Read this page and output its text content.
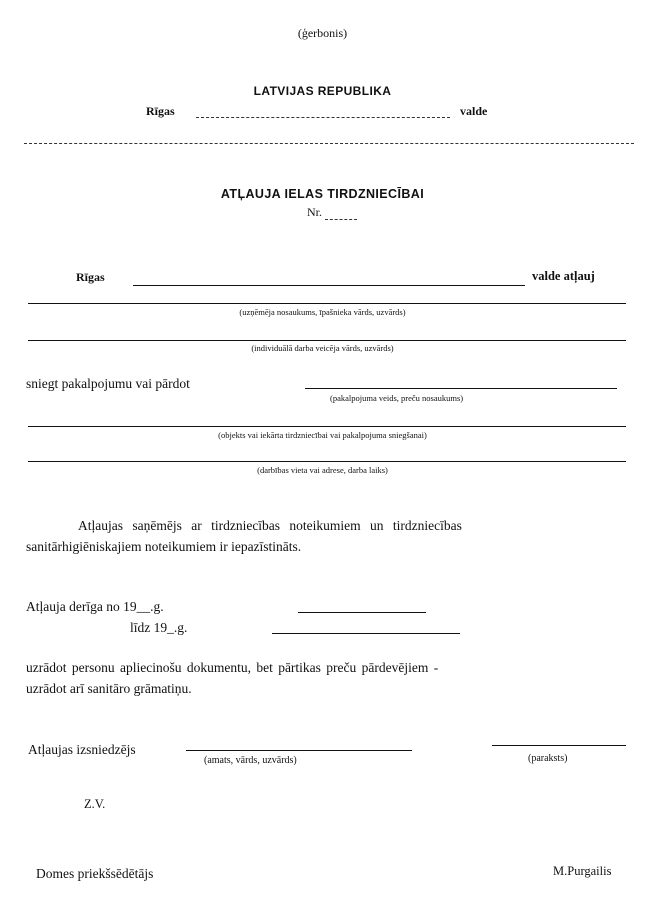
(ģerbonis)
LATVIJAS REPUBLIKA
Rīgas	valde
ATĻAUJA IELAS TIRDZNIECĪBAI
Nr.
Rīgas	valde atļauj
(uzņēmēja nosaukums, īpašnieka vārds, uzvārds)
(individuālā darba veicēja vārds, uzvārds)
sniegt pakalpojumu vai pārdot
(pakalpojuma veids, preču nosaukums)
(objekts vai iekārta tirdzniecībai vai pakalpojuma sniegšanai)
(darbības vieta vai adrese, darba laiks)
Atļaujas saņēmējs ar tirdzniecības noteikumiem un tirdzniecības
sanitārhigiēniskajiem noteikumiem ir iepazīstināts.
Atļauja derīga no 19__.g.
līdz 19_.g.
uzrādot personu apliecinošu dokumentu, bet pārtikas preču pārdevējiem -
uzrādot arī sanitāro grāmatiņu.
Atļaujas izsniedzējs
(amats, vārds, uzvārds)	(paraksts)
Z.V.
Domes priekšsēdētājs	M.Purgailis
